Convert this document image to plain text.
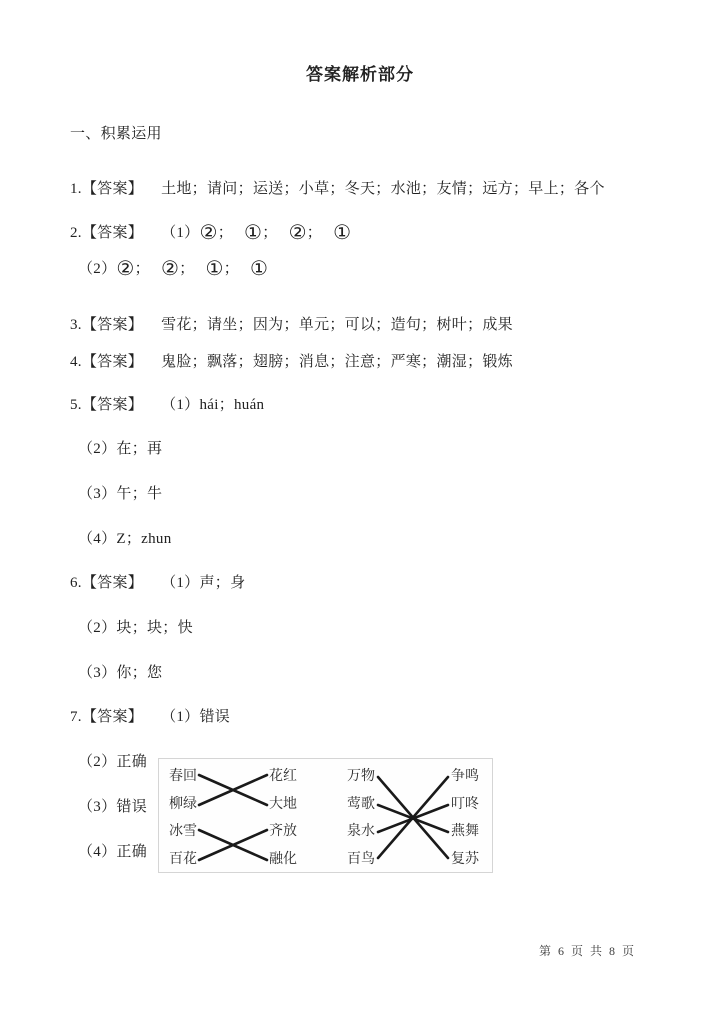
答案解析部分
一、积累运用
1.【答案】 土地；请问；运送；小草；冬天；水池；友情；远方；早上；各个
2.【答案】 （1）②； ①； ②； ①
（2）②； ②； ①； ①
3.【答案】 雪花；请坐；因为；单元；可以；造句；树叶；成果
4.【答案】 鬼脸；飘落；翅膀；消息；注意；严寒；潮湿；锻炼
5.【答案】 （1）hái；huán
（2）在；再
（3）午；牛
（4）Z；zhun
6.【答案】 （1）声；身
（2）块；块；快
（3）你；您
7.【答案】 （1）错误
（2）正确
（3）错误
（4）正确
春回
柳绿
冰雪
百花
花红
大地
齐放
融化
万物
莺歌
泉水
百鸟
争鸣
叮咚
燕舞
复苏
第 6 页 共 8 页
